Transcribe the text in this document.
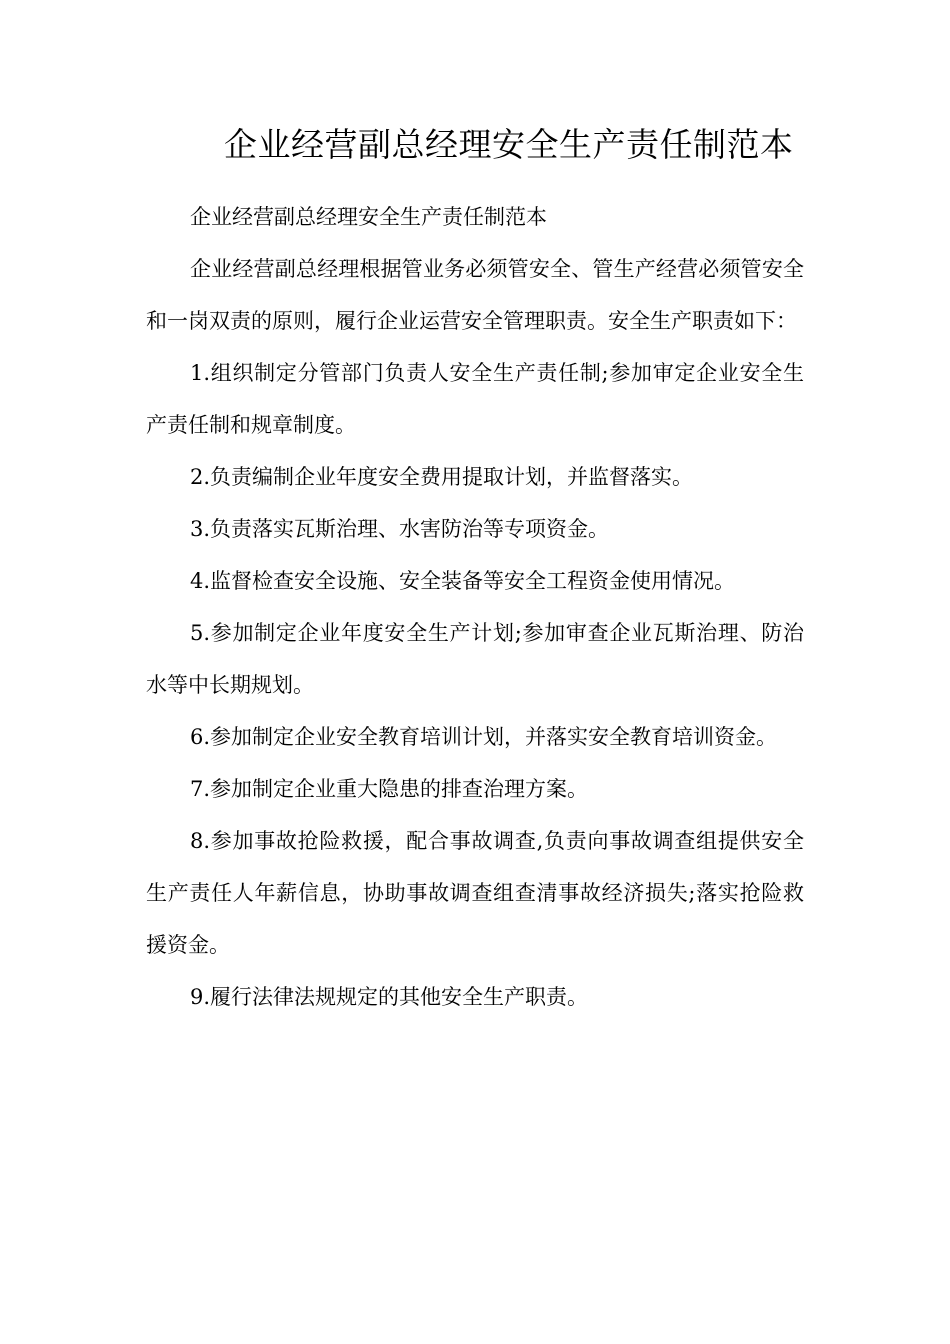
企业经营副总经理安全生产责任制范本

企业经营副总经理安全生产责任制范本

企业经营副总经理根据管业务必须管安全、管生产经营必须管安全和一岗双责的原则，履行企业运营安全管理职责。安全生产职责如下：

1.组织制定分管部门负责人安全生产责任制;参加审定企业安全生产责任制和规章制度。

2.负责编制企业年度安全费用提取计划，并监督落实。

3.负责落实瓦斯治理、水害防治等专项资金。

4.监督检查安全设施、安全装备等安全工程资金使用情况。

5.参加制定企业年度安全生产计划;参加审查企业瓦斯治理、防治水等中长期规划。

6.参加制定企业安全教育培训计划，并落实安全教育培训资金。

7.参加制定企业重大隐患的排查治理方案。

8.参加事故抢险救援，配合事故调查,负责向事故调查组提供安全生产责任人年薪信息，协助事故调查组查清事故经济损失;落实抢险救援资金。

9.履行法律法规规定的其他安全生产职责。
